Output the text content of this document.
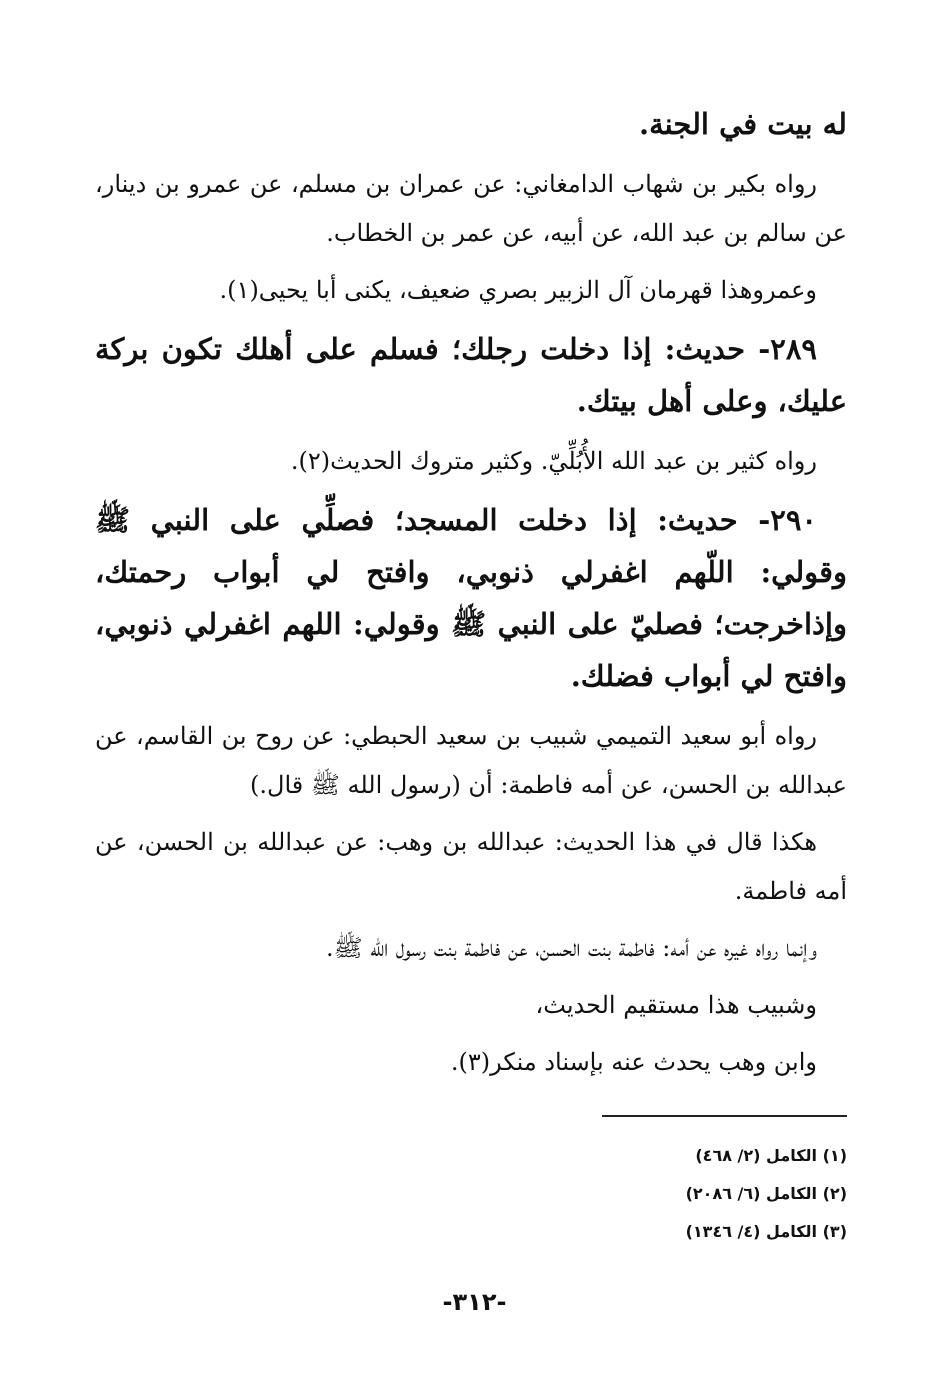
له بيت في الجنة.

رواه بكير بن شهاب الدامغاني: عن عمران بن مسلم، عن عمرو بن دينار، عن سالم بن عبد الله، عن أبيه، عن عمر بن الخطاب.

وعمروهذا قهرمان آل الزبير بصري ضعيف، يكنى أبا يحيى(١).

٢٨٩- حديث: إذا دخلت رجلك؛ فسلم على أهلك تكون بركة عليك، وعلى أهل بيتك.

رواه كثير بن عبد الله الأُبُلِّيّ. وكثير متروك الحديث(٢).

٢٩٠- حديث: إذا دخلت المسجد؛ فصلِّي على النبي ﷺ وقولي: اللّهم اغفرلي ذنوبي، وافتح لي أبواب رحمتك، وإذاخرجت؛ فصليّ على النبي ﷺ وقولي: اللهم اغفرلي ذنوبي، وافتح لي أبواب فضلك.

رواه أبو سعيد التميمي شبيب بن سعيد الحبطي: عن روح بن القاسم، عن عبدالله بن الحسن، عن أمه فاطمة: أن (رسول الله ﷺ قال.)

هكذا قال في هذا الحديث: عبدالله بن وهب: عن عبدالله بن الحسن، عن أمه فاطمة.

وإنما رواه غيره عن أمه: فاطمة بنت الحسن، عن فاطمة بنت رسول الله ﷺ.

وشبيب هذا مستقيم الحديث،

وابن وهب يحدث عنه بإسناد منكر(٣).

(١) الكامل (٢/ ٤٦٨)

(٢) الكامل (٦/ ٢٠٨٦)

(٣) الكامل (٤/ ١٣٤٦)

-٣١٢-
